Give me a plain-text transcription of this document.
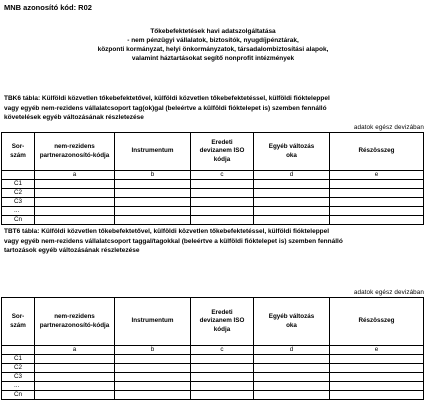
MNB azonosító kód: R02
Tőkebefektetések havi adatszolgáltatása
- nem pénzügyi vállalatok, biztosítók, nyugdíjpénztárak,
központi kormányzat, helyi önkormányzatok, társadalombiztosítási alapok,
valamint háztartásokat segítő nonprofit intézmények
TBK6 tábla: Külföldi közvetlen tőkebefektetővel, külföldi közvetlen tőkebefektetéssel, külföldi fiókteleppel
vagy egyéb nem-rezidens vállalatcsoport tag(ok)gal (beleértve a külföldi fióktelepet is) szemben fennálló
követelések egyéb változásának részletezése
adatok egész devizában
Sor-
szám	nem-rezidens
partnerazonosító-kódja	Instrumentum	Eredeti
devizanem ISO
kódja	Egyéb változás
oka	Részösszeg
	a	b	c	d	e
C1					
C2					
C3					
...					
Cn					
TBT6 tábla: Külföldi közvetlen tőkebefektetővel, külföldi közvetlen tőkebefektetéssel, külföldi fiókteleppel
vagy egyéb nem-rezidens vállalatcsoport taggal/tagokkal (beleértve a külföldi fióktelepet is) szemben fennálló
tartozások egyéb változásának részletezése
adatok egész devizában
Sor-
szám	nem-rezidens
partnerazonosító-kódja	Instrumentum	Eredeti
devizanem ISO
kódja	Egyéb változás
oka	Részösszeg
	a	b	c	d	e
C1					
C2					
C3					
...					
Cn					
